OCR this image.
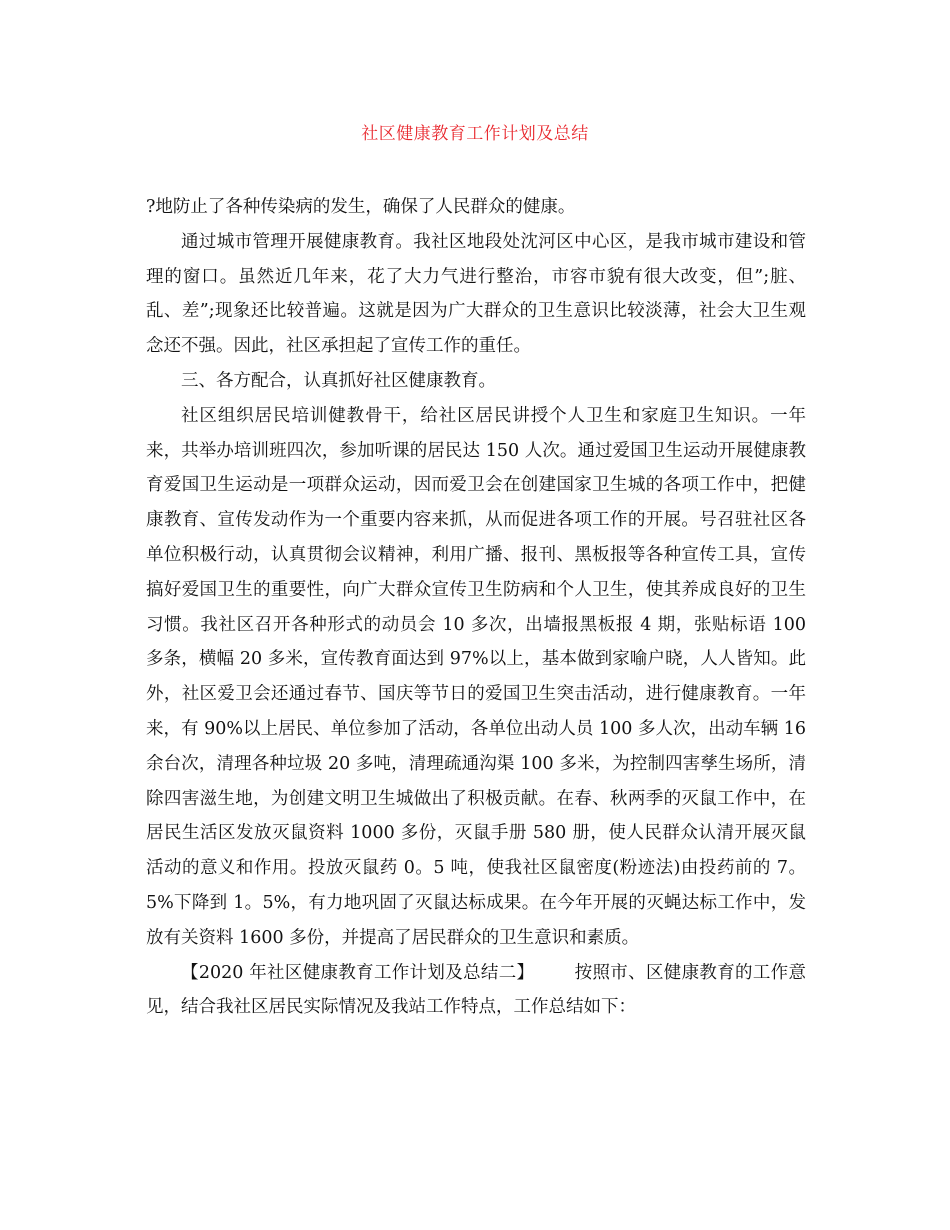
社区健康教育工作计划及总结

?地防止了各种传染病的发生，确保了人民群众的健康。

通过城市管理开展健康教育。我社区地段处沈河区中心区，是我市城市建设和管理的窗口。虽然近几年来，花了大力气进行整治，市容市貌有很大改变，但”;脏、乱、差”;现象还比较普遍。这就是因为广大群众的卫生意识比较淡薄，社会大卫生观念还不强。因此，社区承担起了宣传工作的重任。

三、各方配合，认真抓好社区健康教育。

社区组织居民培训健教骨干，给社区居民讲授个人卫生和家庭卫生知识。一年来，共举办培训班四次，参加听课的居民达 150 人次。通过爱国卫生运动开展健康教育爱国卫生运动是一项群众运动，因而爱卫会在创建国家卫生城的各项工作中，把健康教育、宣传发动作为一个重要内容来抓，从而促进各项工作的开展。号召驻社区各单位积极行动，认真贯彻会议精神，利用广播、报刊、黑板报等各种宣传工具，宣传搞好爱国卫生的重要性，向广大群众宣传卫生防病和个人卫生，使其养成良好的卫生习惯。我社区召开各种形式的动员会 10 多次，出墙报黑板报 4 期，张贴标语 100 多条，横幅 20 多米，宣传教育面达到 97%以上，基本做到家喻户晓，人人皆知。此外，社区爱卫会还通过春节、国庆等节日的爱国卫生突击活动，进行健康教育。一年来，有 90%以上居民、单位参加了活动，各单位出动人员 100 多人次，出动车辆 16 余台次，清理各种垃圾 20 多吨，清理疏通沟渠 100 多米，为控制四害孳生场所，清除四害滋生地，为创建文明卫生城做出了积极贡献。在春、秋两季的灭鼠工作中，在居民生活区发放灭鼠资料 1000 多份，灭鼠手册 580 册，使人民群众认清开展灭鼠活动的意义和作用。投放灭鼠药 0。5 吨，使我社区鼠密度(粉迹法)由投药前的 7。5%下降到 1。5%，有力地巩固了灭鼠达标成果。在今年开展的灭蝇达标工作中，发放有关资料 1600 多份，并提高了居民群众的卫生意识和素质。

【2020 年社区健康教育工作计划及总结二】 按照市、区健康教育的工作意见，结合我社区居民实际情况及我站工作特点，工作总结如下：
